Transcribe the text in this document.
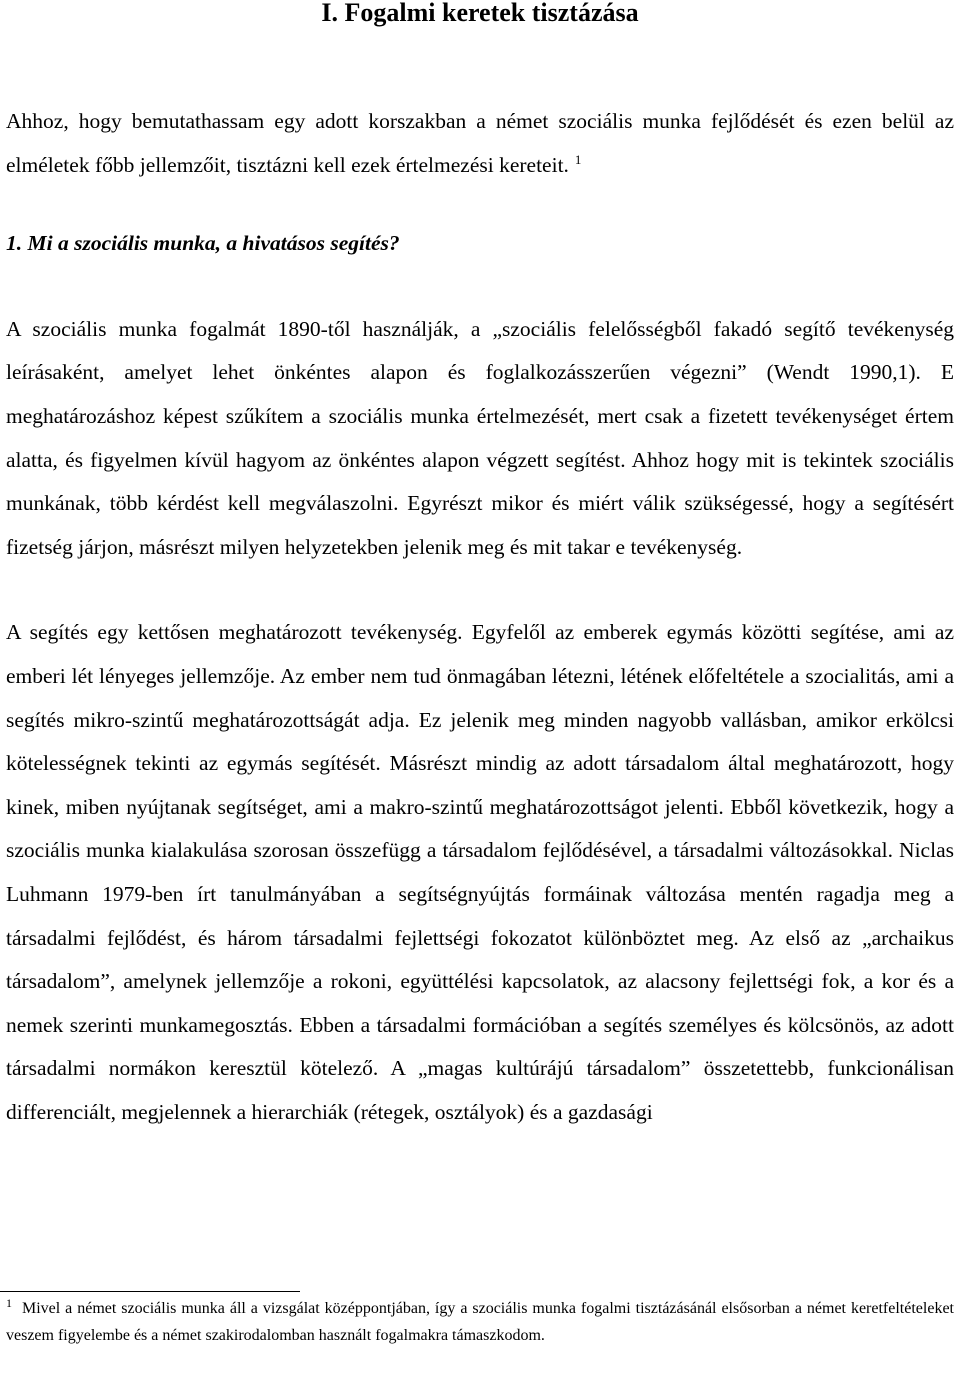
I. Fogalmi keretek tisztázása

Ahhoz, hogy bemutathassam egy adott korszakban a német szociális munka fejlődését és ezen belül az elméletek főbb jellemzőit, tisztázni kell ezek értelmezési kereteit. $^1$

1. Mi a szociális munka, a hivatásos segítés?

A szociális munka fogalmát 1890-től használják, a „szociális felelősségből fakadó segítő tevékenység leírásaként, amelyet lehet önkéntes alapon és foglalkozásszerűen végezni” (Wendt 1990,1). E meghatározáshoz képest szűkítem a szociális munka értelmezését, mert csak a fizetett tevékenységet értem alatta, és figyelmen kívül hagyom az önkéntes alapon végzett segítést. Ahhoz hogy mit is tekintek szociális munkának, több kérdést kell megválaszolni. Egyrészt mikor és miért válik szükségessé, hogy a segítésért fizetség járjon, másrészt milyen helyzetekben jelenik meg és mit takar e tevékenység.

A segítés egy kettősen meghatározott tevékenység. Egyfelől az emberek egymás közötti segítése, ami az emberi lét lényeges jellemzője. Az ember nem tud önmagában létezni, létének előfeltétele a szocialitás, ami a segítés mikro-szintű meghatározottságát adja. Ez jelenik meg minden nagyobb vallásban, amikor erkölcsi kötelességnek tekinti az egymás segítését. Másrészt mindig az adott társadalom által meghatározott, hogy kinek, miben nyújtanak segítséget, ami a makro-szintű meghatározottságot jelenti. Ebből következik, hogy a szociális munka kialakulása szorosan összefügg a társadalom fejlődésével, a társadalmi változásokkal. Niclas Luhmann 1979-ben írt tanulmányában a segítségnyújtás formáinak változása mentén ragadja meg a társadalmi fejlődést, és három társadalmi fejlettségi fokozatot különböztet meg. Az első az „archaikus társadalom”, amelynek jellemzője a rokoni, együttélési kapcsolatok, az alacsony fejlettségi fok, a kor és a nemek szerinti munkamegosztás. Ebben a társadalmi formációban a segítés személyes és kölcsönös, az adott társadalmi normákon keresztül kötelező. A „magas kultúrájú társadalom” összetettebb, funkcionálisan differenciált, megjelennek a hierarchiák (rétegek, osztályok) és a gazdasági

$^1$ Mivel a német szociális munka áll a vizsgálat középpontjában, így a szociális munka fogalmi tisztázásánál elsősorban a német keretfeltételeket veszem figyelembe és a német szakirodalomban használt fogalmakra támaszkodom.
